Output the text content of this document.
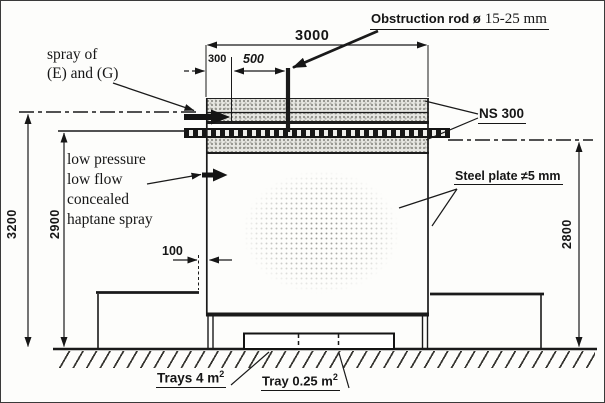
Obstruction rod ø 15-25 mm
spray of
(E) and (G)
low pressure
low flow
concealed
haptane spray
NS 300
Steel plate ≠5 mm
Trays 4 $m^2$	Tray 0.25 $m^2$
3000
300 500
100
3200 2900	2800
